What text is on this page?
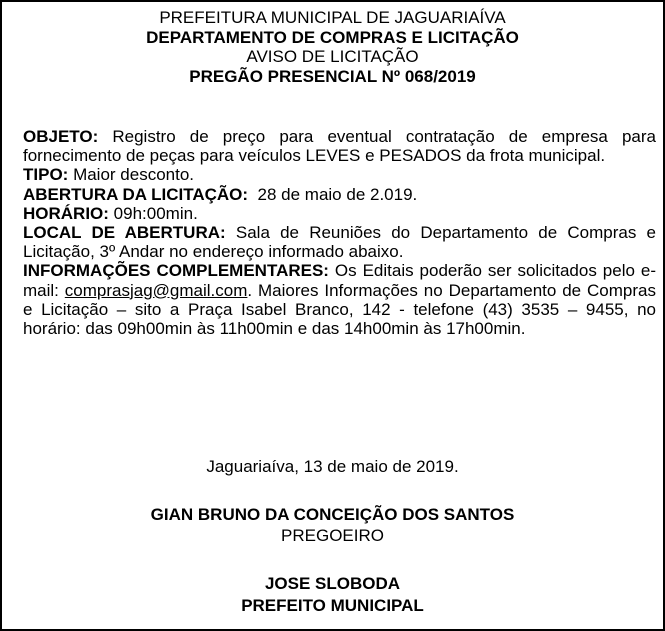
PREFEITURA MUNICIPAL DE JAGUARIAÍVA
DEPARTAMENTO DE COMPRAS E LICITAÇÃO
AVISO DE LICITAÇÃO
PREGÃO PRESENCIAL Nº 068/2019

OBJETO: Registro de preço para eventual contratação de empresa para fornecimento de peças para veículos LEVES e PESADOS da frota municipal.

TIPO: Maior desconto.

ABERTURA DA LICITAÇÃO:  28 de maio de 2.019.

HORÁRIO: 09h:00min.

LOCAL DE ABERTURA: Sala de Reuniões do Departamento de Compras e Licitação, 3º Andar no endereço informado abaixo.

INFORMAÇÕES COMPLEMENTARES: Os Editais poderão ser solicitados pelo e-mail: comprasjag@gmail.com. Maiores Informações no Departamento de Compras e Licitação – sito a Praça Isabel Branco, 142 - telefone (43) 3535 – 9455, no horário: das 09h00min às 11h00min e das 14h00min às 17h00min.

Jaguariaíva, 13 de maio de 2019.
GIAN BRUNO DA CONCEIÇÃO DOS SANTOS
PREGOEIRO
JOSE SLOBODA
PREFEITO MUNICIPAL
